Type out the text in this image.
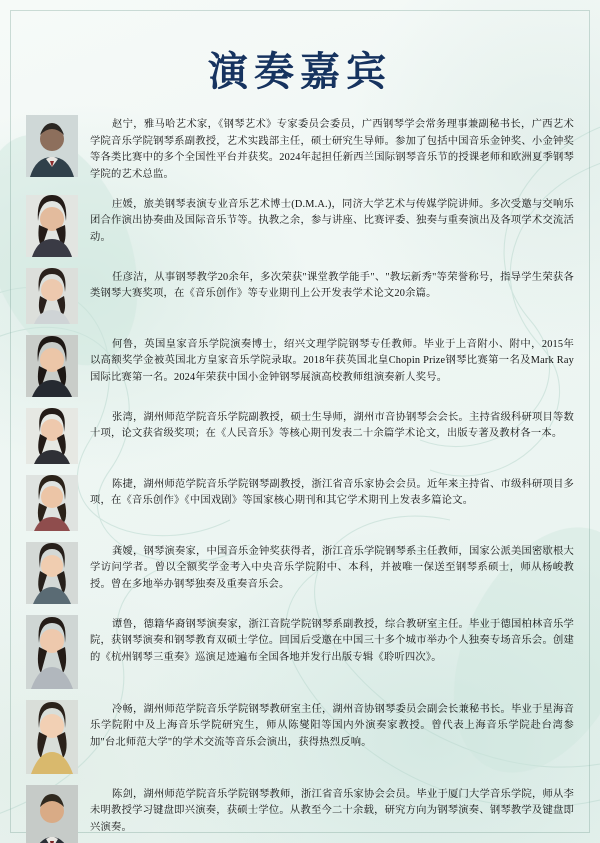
演奏嘉宾
赵宁，雅马哈艺术家，《钢琴艺术》专家委员会委员，广西钢琴学会常务理事兼副秘书长，广西艺术学院音乐学院钢琴系副教授，艺术实践部主任，硕士研究生导师。参加了包括中国音乐金钟奖、小金钟奖等各类比赛中的多个全国性平台并获奖。2024年起担任新西兰国际钢琴音乐节的授课老师和欧洲夏季钢琴学院的艺术总监。
庄媛，旅美钢琴表演专业音乐艺术博士(D.M.A.)，同济大学艺术与传媒学院讲师。多次受邀与交响乐团合作演出协奏曲及国际音乐节等。执教之余，参与讲座、比赛评委、独奏与重奏演出及各项学术交流活动。
任彦洁，从事钢琴教学20余年，多次荣获"课堂教学能手"、"教坛新秀"等荣誉称号，指导学生荣获各类钢琴大赛奖项，在《音乐创作》等专业期刊上公开发表学术论文20余篇。
何鲁，英国皇家音乐学院演奏博士，绍兴文理学院钢琴专任教师。毕业于上音附小、附中，2015年以高额奖学金被英国北方皇家音乐学院录取。2018年获英国北皇Chopin Prize钢琴比赛第一名及Mark Ray国际比赛第一名。2024年荣获中国小金钟钢琴展演高校教师组演奏新人奖号。
张湾，湖州师范学院音乐学院副教授，硕士生导师，湖州市音协钢琴会会长。主持省级科研项目等数十项，论文获省级奖项；在《人民音乐》等核心期刊发表二十余篇学术论文，出版专著及教材各一本。
陈捷，湖州师范学院音乐学院钢琴副教授，浙江省音乐家协会会员。近年来主持省、市级科研项目多项，在《音乐创作》《中国戏剧》等国家核心期刊和其它学术期刊上发表多篇论文。
龚嬡，钢琴演奏家，中国音乐金钟奖获得者，浙江音乐学院钢琴系主任教师，国家公派美国密歇根大学访问学者。曾以全额奖学金考入中央音乐学院附中、本科，并被唯一保送至钢琴系硕士，师从杨峻教授。曾在多地举办钢琴独奏及重奏音乐会。
谭鲁，德籍华裔钢琴演奏家，浙江音院学院钢琴系副教授，综合教研室主任。毕业于德国柏林音乐学院，获钢琴演奏和钢琴教育双硕士学位。回国后受邀在中国三十多个城市举办个人独奏专场音乐会。创建的《杭州钢琴三重奏》巡演足迹遍布全国各地并发行出版专辑《聆听四次》。
冷畅，湖州师范学院音乐学院钢琴教研室主任，湖州音协钢琴委员会副会长兼秘书长。毕业于星海音乐学院附中及上海音乐学院研究生，师从陈燮阳等国内外演奏家教授。曾代表上海音乐学院赴台湾参加"台北师范大学"的学术交流等音乐会演出，获得热烈反响。
陈剑，湖州师范学院音乐学院钢琴教师，浙江省音乐家协会会员。毕业于厦门大学音乐学院，师从李未明教授学习键盘即兴演奏，获硕士学位。从教至今二十余载，研究方向为钢琴演奏、钢琴教学及键盘即兴演奏。
